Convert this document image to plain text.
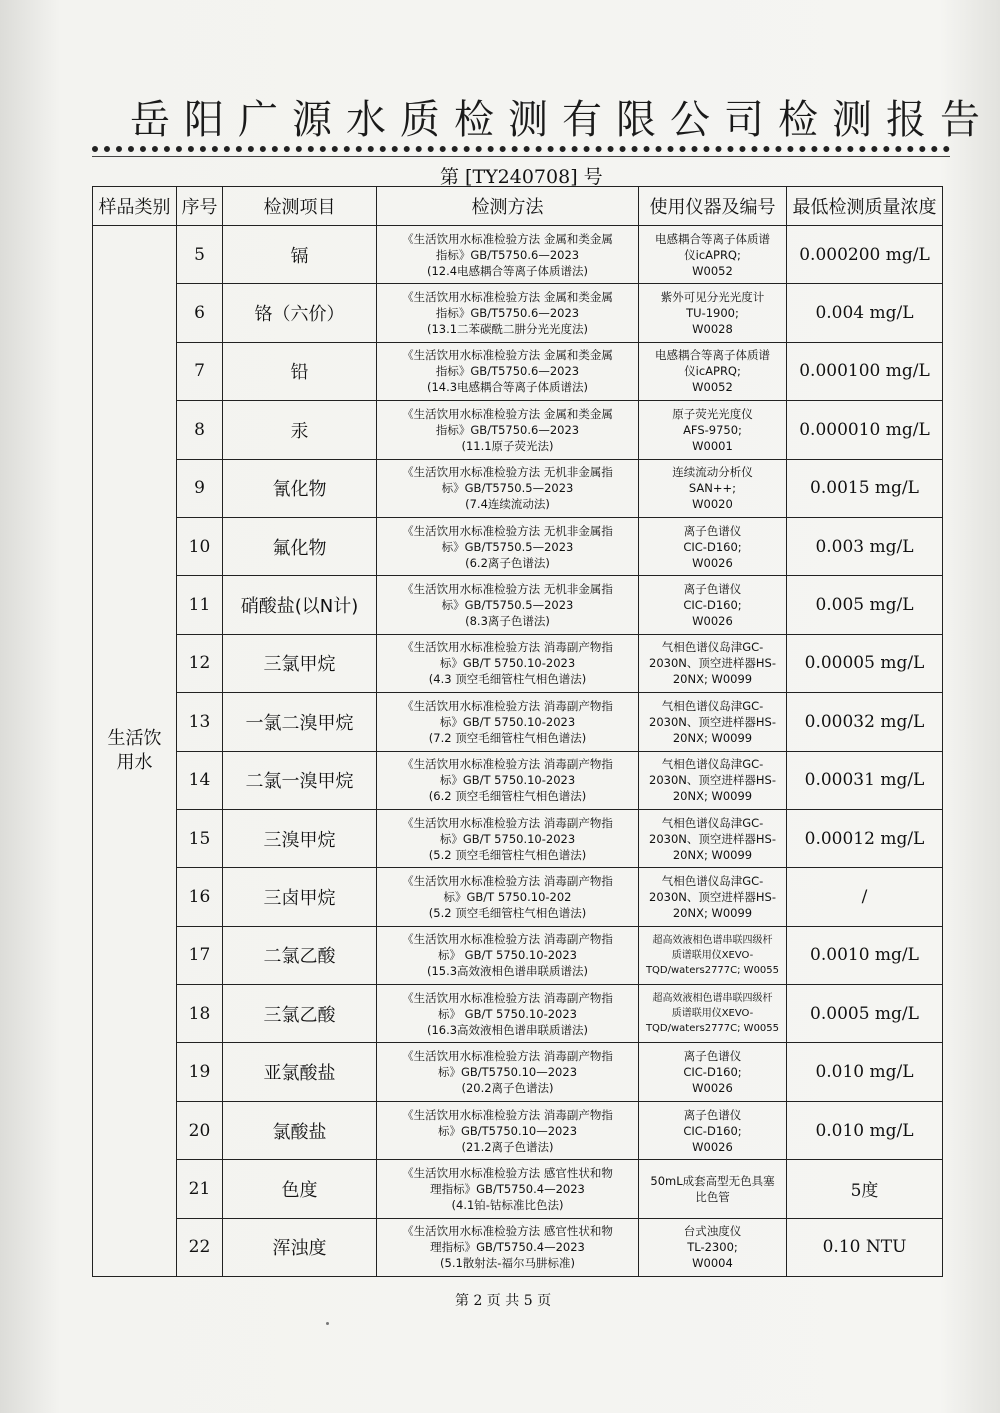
岳阳广源水质检测有限公司检测报告
第 [TY240708] 号
样品类别	序号	检测项目	检测方法	使用仪器及编号	最低检测质量浓度
生活饮用水	5	镉	《生活饮用水标准检验方法 金属和类金属
指标》GB/T5750.6—2023
(12.4电感耦合等离子体质谱法)	电感耦合等离子体质谱
仪icAPRQ;
W0052	0.000200 mg/L
	6	铬（六价）	《生活饮用水标准检验方法 金属和类金属
指标》GB/T5750.6—2023
(13.1二苯碳酰二肼分光光度法)	紫外可见分光光度计
TU-1900;
W0028	0.004 mg/L
	7	铅	《生活饮用水标准检验方法 金属和类金属
指标》GB/T5750.6—2023
(14.3电感耦合等离子体质谱法)	电感耦合等离子体质谱
仪icAPRQ;
W0052	0.000100 mg/L
	8	汞	《生活饮用水标准检验方法 金属和类金属
指标》GB/T5750.6—2023
(11.1原子荧光法)	原子荧光光度仪
AFS-9750;
W0001	0.000010 mg/L
	9	氰化物	《生活饮用水标准检验方法 无机非金属指
标》GB/T5750.5—2023
(7.4连续流动法)	连续流动分析仪
SAN++;
W0020	0.0015 mg/L
	10	氟化物	《生活饮用水标准检验方法 无机非金属指
标》GB/T5750.5—2023
(6.2离子色谱法)	离子色谱仪
CIC-D160;
W0026	0.003 mg/L
	11	硝酸盐(以N计)	《生活饮用水标准检验方法 无机非金属指
标》GB/T5750.5—2023
(8.3离子色谱法)	离子色谱仪
CIC-D160;
W0026	0.005 mg/L
	12	三氯甲烷	《生活饮用水标准检验方法 消毒副产物指
标》GB/T 5750.10-2023
(4.3 顶空毛细管柱气相色谱法)	气相色谱仪岛津GC-
2030N、顶空进样器HS-
20NX; W0099	0.00005 mg/L
	13	一氯二溴甲烷	《生活饮用水标准检验方法 消毒副产物指
标》GB/T 5750.10-2023
(7.2 顶空毛细管柱气相色谱法)	气相色谱仪岛津GC-
2030N、顶空进样器HS-
20NX; W0099	0.00032 mg/L
	14	二氯一溴甲烷	《生活饮用水标准检验方法 消毒副产物指
标》GB/T 5750.10-2023
(6.2 顶空毛细管柱气相色谱法)	气相色谱仪岛津GC-
2030N、顶空进样器HS-
20NX; W0099	0.00031 mg/L
	15	三溴甲烷	《生活饮用水标准检验方法 消毒副产物指
标》GB/T 5750.10-2023
(5.2 顶空毛细管柱气相色谱法)	气相色谱仪岛津GC-
2030N、顶空进样器HS-
20NX; W0099	0.00012 mg/L
	16	三卤甲烷	《生活饮用水标准检验方法 消毒副产物指
标》GB/T 5750.10-202
(5.2 顶空毛细管柱气相色谱法)	气相色谱仪岛津GC-
2030N、顶空进样器HS-
20NX; W0099	/
	17	二氯乙酸	《生活饮用水标准检验方法 消毒副产物指
标》 GB/T 5750.10-2023
(15.3高效液相色谱串联质谱法)	超高效液相色谱串联四级杆
质谱联用仪XEVO-
TQD/waters2777C; W0055	0.0010 mg/L
	18	三氯乙酸	《生活饮用水标准检验方法 消毒副产物指
标》 GB/T 5750.10-2023
(16.3高效液相色谱串联质谱法)	超高效液相色谱串联四级杆
质谱联用仪XEVO-
TQD/waters2777C; W0055	0.0005 mg/L
	19	亚氯酸盐	《生活饮用水标准检验方法 消毒副产物指
标》GB/T5750.10—2023
(20.2离子色谱法)	离子色谱仪
CIC-D160;
W0026	0.010 mg/L
	20	氯酸盐	《生活饮用水标准检验方法 消毒副产物指
标》GB/T5750.10—2023
(21.2离子色谱法)	离子色谱仪
CIC-D160;
W0026	0.010 mg/L
	21	色度	《生活饮用水标准检验方法 感官性状和物
理指标》GB/T5750.4—2023
(4.1铂-钴标准比色法)	50mL成套高型无色具塞
比色管	5度
	22	浑浊度	《生活饮用水标准检验方法 感官性状和物
理指标》GB/T5750.4—2023
(5.1散射法-福尔马肼标准)	台式浊度仪
TL-2300;
W0004	0.10 NTU
第 2 页 共 5 页
